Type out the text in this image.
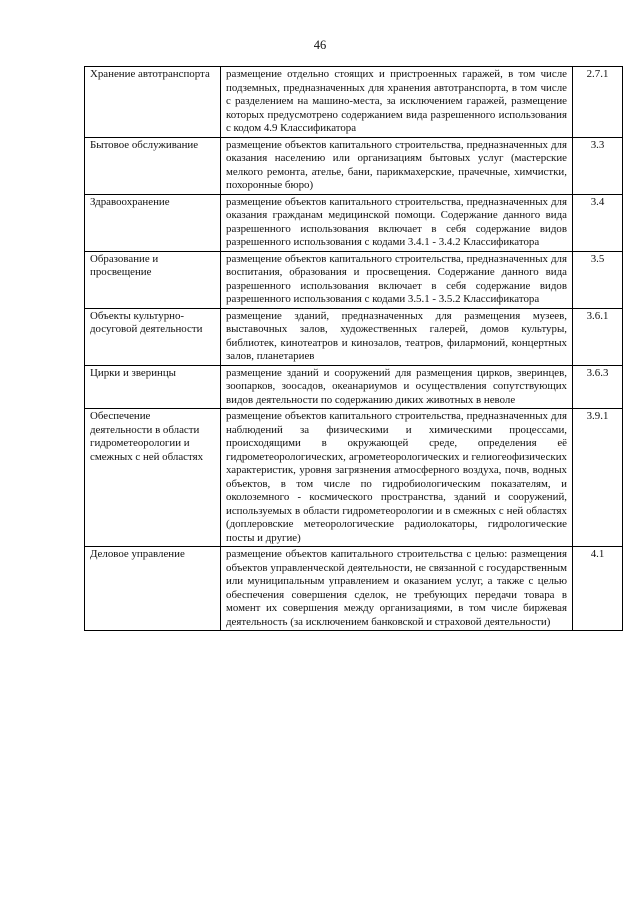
46
Хранение автотранспорта	размещение отдельно стоящих и пристроенных гаражей, в том числе подземных, предназначенных для хранения автотранспорта, в том числе с разделением на машино-места, за исключением гаражей, размещение которых предусмотрено содержанием вида разрешенного использования с кодом 4.9 Классификатора	2.7.1
Бытовое обслуживание	размещение объектов капитального строительства, предназначенных для оказания населению или организациям бытовых услуг (мастерские мелкого ремонта, ателье, бани, парикмахерские, прачечные, химчистки, похоронные бюро)	3.3
Здравоохранение	размещение объектов капитального строительства, предназначенных для оказания гражданам медицинской помощи. Содержание данного вида разрешенного использования включает в себя содержание видов разрешенного использования с кодами 3.4.1 - 3.4.2 Классификатора	3.4
Образование и просвещение	размещение объектов капитального строительства, предназначенных для воспитания, образования и просвещения. Содержание данного вида разрешенного использования включает в себя содержание видов разрешенного использования с кодами 3.5.1 - 3.5.2 Классификатора	3.5
Объекты культурно-досуговой деятельности	размещение зданий, предназначенных для размещения музеев, выставочных залов, художественных галерей, домов культуры, библиотек, кинотеатров и кинозалов, театров, филармоний, концертных залов, планетариев	3.6.1
Цирки и зверинцы	размещение зданий и сооружений для размещения цирков, зверинцев, зоопарков, зоосадов, океанариумов и осуществления сопутствующих видов деятельности по содержанию диких животных в неволе	3.6.3
Обеспечение деятельности в области гидрометеорологии и смежных с ней областях	размещение объектов капитального строительства, предназначенных для наблюдений за физическими и химическими процессами, происходящими в окружающей среде, определения её гидрометеорологических, агрометеорологических и гелиогеофизических характеристик, уровня загрязнения атмосферного воздуха, почв, водных объектов, в том числе по гидробиологическим показателям, и околоземного - космического пространства, зданий и сооружений, используемых в области гидрометеорологии и в смежных с ней областях (доплеровские метеорологические радиолокаторы, гидрологические посты и другие)	3.9.1
Деловое управление	размещение объектов капитального строительства с целью: размещения объектов управленческой деятельности, не связанной с государственным или муниципальным управлением и оказанием услуг, а также с целью обеспечения совершения сделок, не требующих передачи товара в момент их совершения между организациями, в том числе биржевая деятельность (за исключением банковской и страховой деятельности)	4.1
